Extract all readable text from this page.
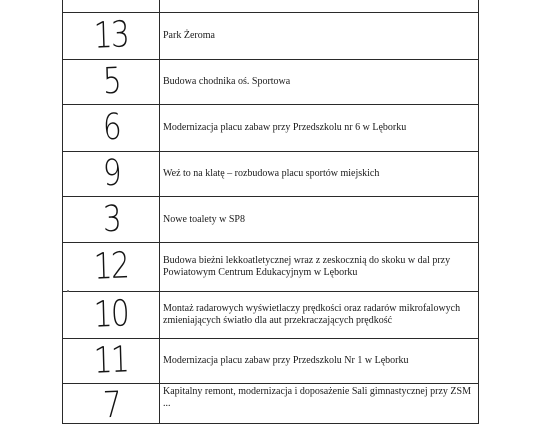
13	Park Żeroma
5	Budowa chodnika oś. Sportowa
6	Modernizacja placu zabaw przy Przedszkolu nr 6 w Lęborku
9	Weź to na klatę – rozbudowa placu sportów miejskich
3	Nowe toalety w SP8
12	Budowa bieżni lekkoatletycznej wraz z zeskocznią do skoku w dal przy Powiatowym Centrum Edukacyjnym w Lęborku
10	Montaż radarowych wyświetlaczy prędkości oraz radarów mikrofalowych zmieniających światło dla aut przekraczających prędkość
11	Modernizacja placu zabaw przy Przedszkolu Nr 1 w Lęborku
7	Kapitalny remont, modernizacja i doposażenie Sali gimnastycznej przy ZSM ...
